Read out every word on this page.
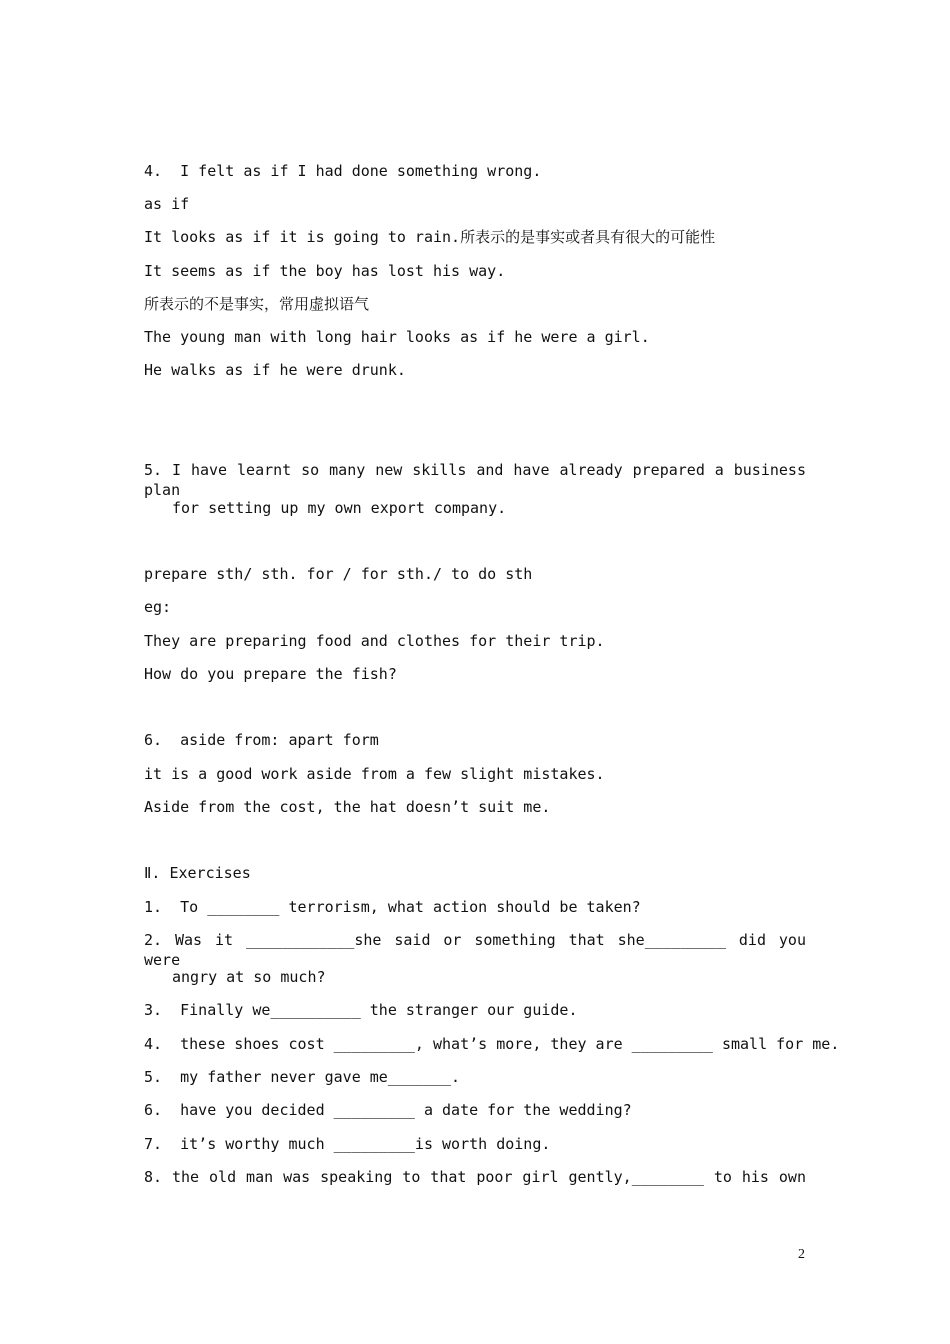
4.  I felt as if I had done something wrong.
as if
It looks as if it is going to rain.所表示的是事实或者具有很大的可能性
It seems as if the boy has lost his way.
所表示的不是事实，常用虚拟语气
The young man with long hair looks as if he were a girl.
He walks as if he were drunk.
5. I have learnt so many new skills and have already prepared a business plan
for setting up my own export company.
prepare sth/ sth. for / for sth./ to do sth
eg:
They are preparing food and clothes for their trip.
How do you prepare the fish?
6.  aside from: apart form
it is a good work aside from a few slight mistakes.
Aside from the cost, the hat doesn’t suit me.
Ⅱ. Exercises
1.  To ________ terrorism, what action should be taken?
2. Was it ____________she said or something that she_________ did you were
angry at so much?
3.  Finally we__________ the stranger our guide.
4.  these shoes cost _________, what’s more, they are _________ small for me.
5.  my father never gave me_______.
6.  have you decided _________ a date for the wedding?
7.  it’s worthy much _________is worth doing.
8. the old man was speaking to that poor girl gently,________ to his own
2
